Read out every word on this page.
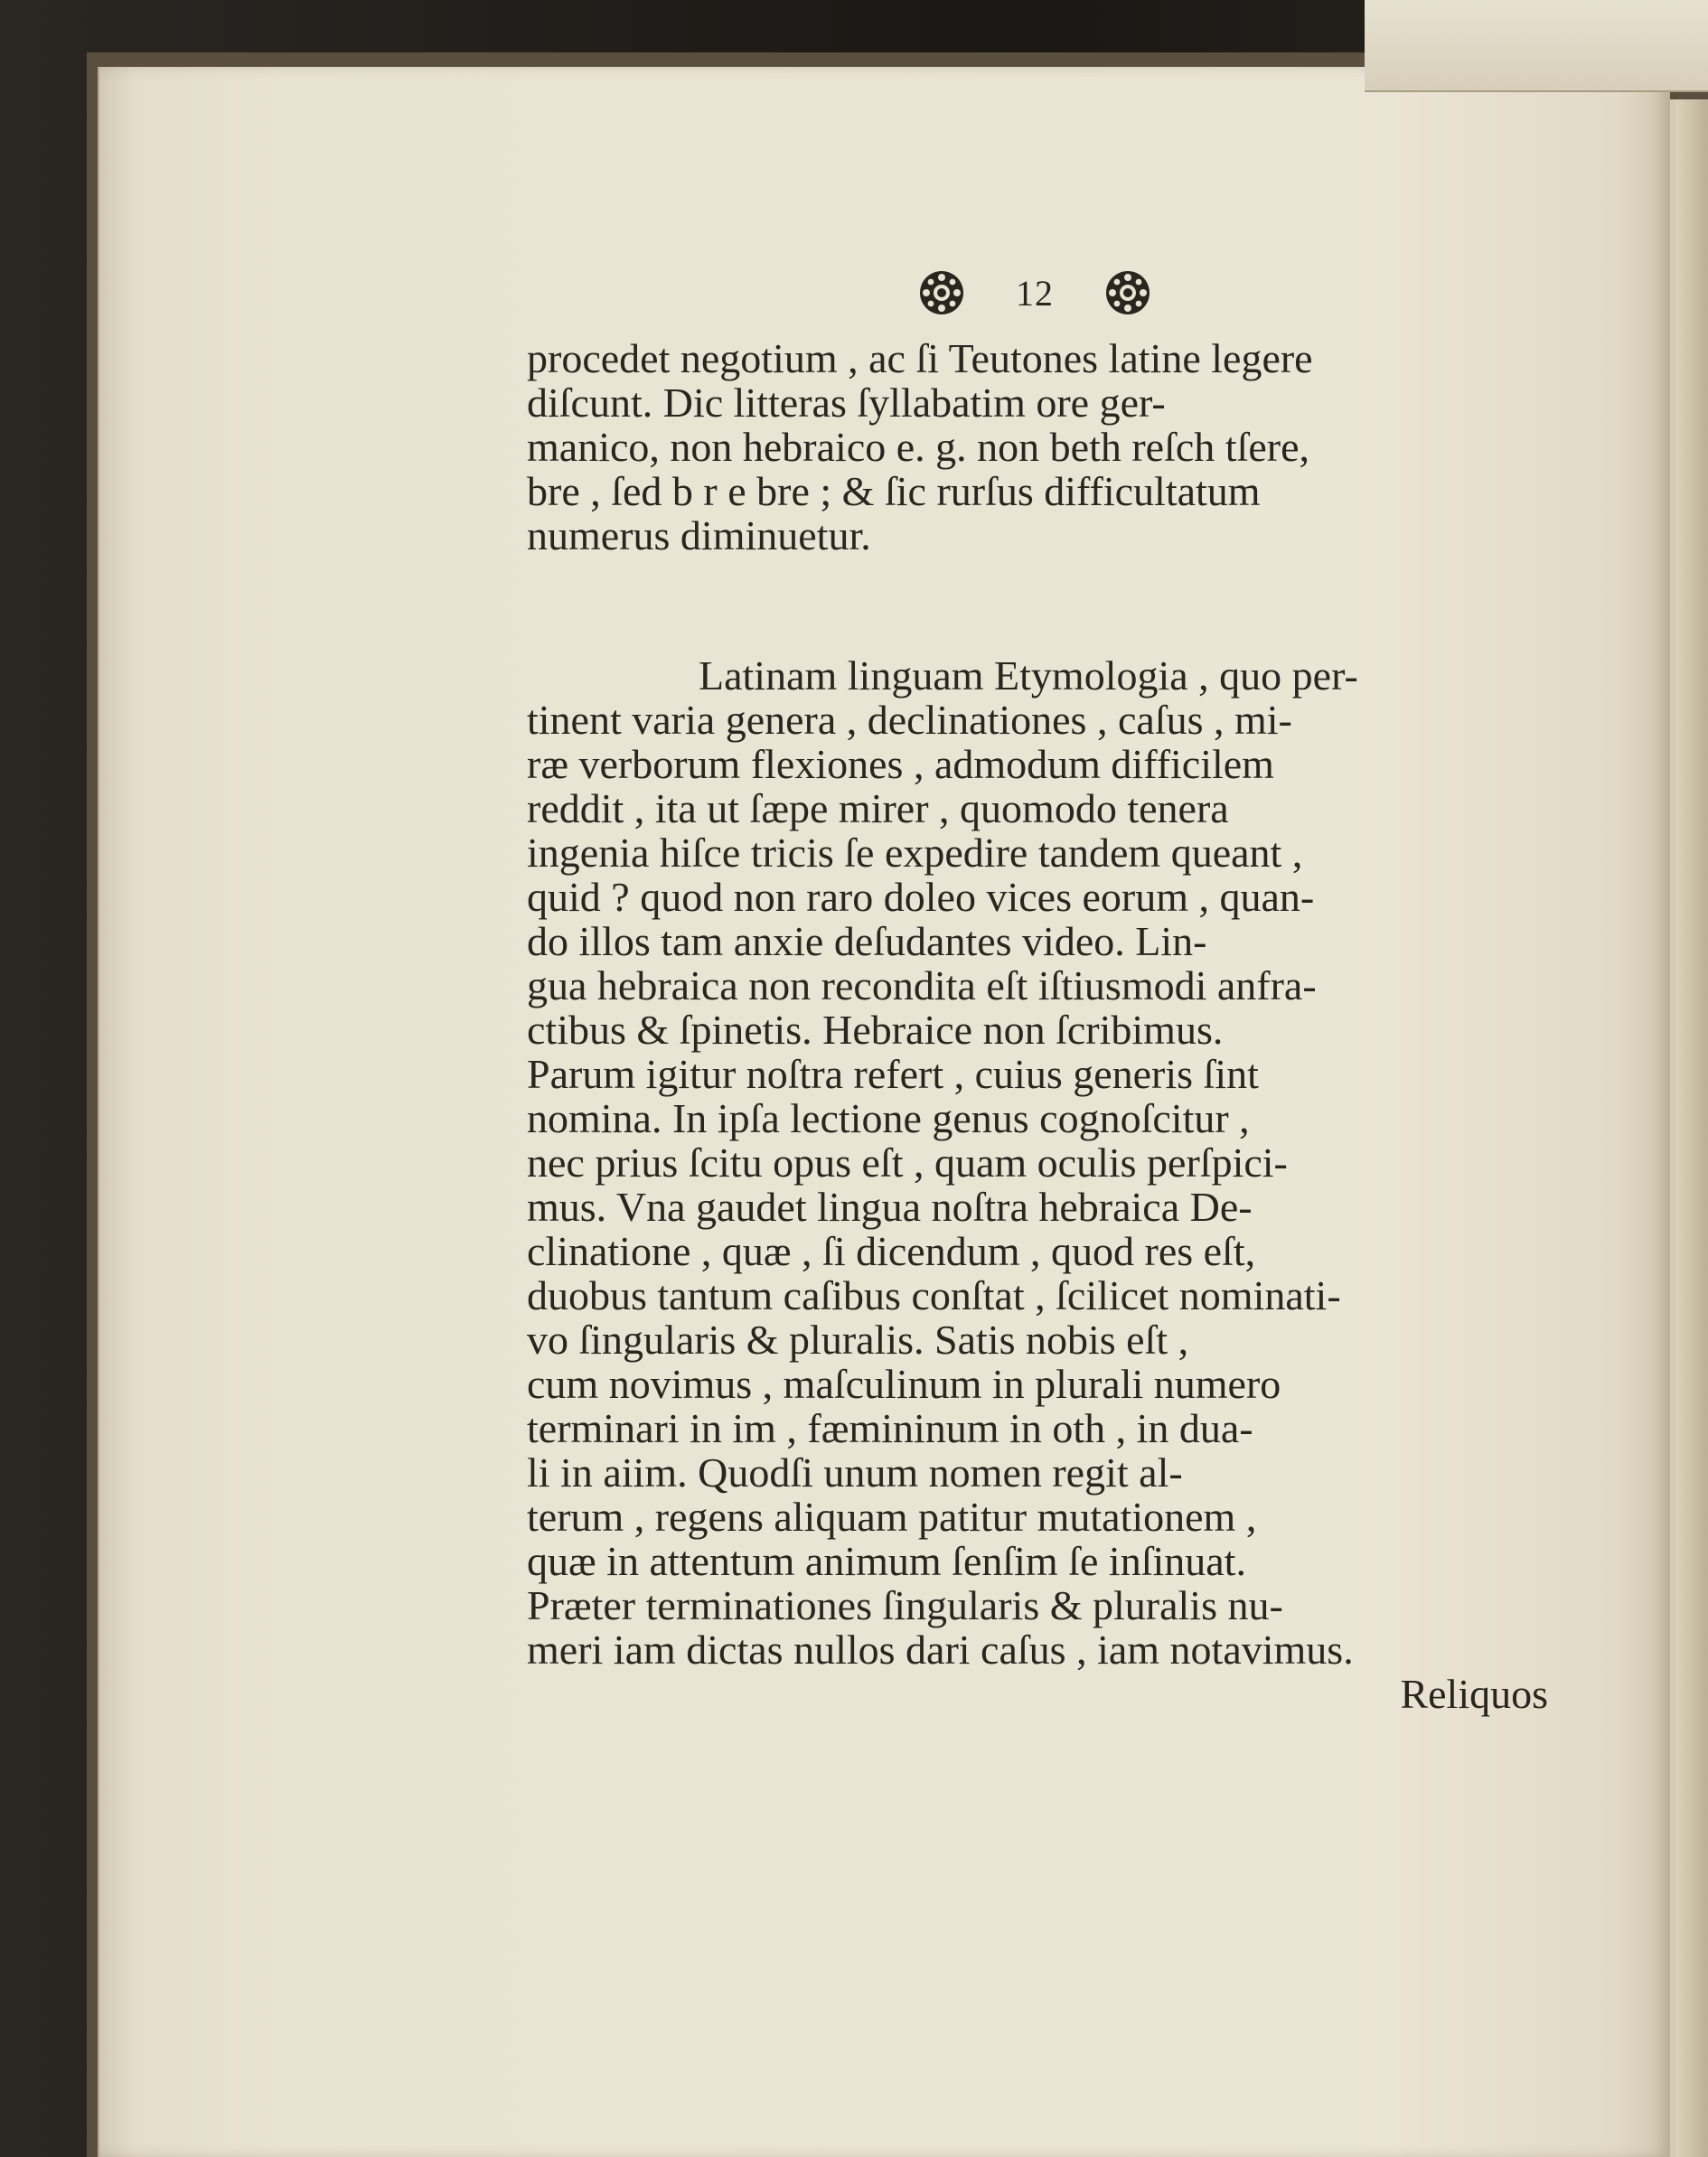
12
procedet negotium , ac ſi Teutones latine legere
diſcunt. Dic litteras ſyllabatim ore ger-
manico, non hebraico e. g. non beth reſch tſere,
bre , ſed b r e bre ; & ſic rurſus difficultatum
numerus diminuetur.
Latinam linguam Etymologia , quo per-
tinent varia genera , declinationes , caſus , mi-
ræ verborum flexiones , admodum difficilem
reddit , ita ut ſæpe mirer , quomodo tenera
ingenia hiſce tricis ſe expedire tandem queant ,
quid ? quod non raro doleo vices eorum , quan-
do illos tam anxie deſudantes video. Lin-
gua hebraica non recondita eſt iſtiusmodi anfra-
ctibus & ſpinetis. Hebraice non ſcribimus.
Parum igitur noſtra refert , cuius generis ſint
nomina. In ipſa lectione genus cognoſcitur ,
nec prius ſcitu opus eſt , quam oculis perſpici-
mus. Vna gaudet lingua noſtra hebraica De-
clinatione , quæ , ſi dicendum , quod res eſt,
duobus tantum caſibus conſtat , ſcilicet nominati-
vo ſingularis & pluralis. Satis nobis eſt ,
cum novimus , maſculinum in plurali numero
terminari in im , fæmininum in oth , in dua-
li in aiim. Quodſi unum nomen regit al-
terum , regens aliquam patitur mutationem ,
quæ in attentum animum ſenſim ſe inſinuat.
Præter terminationes ſingularis & pluralis nu-
meri iam dictas nullos dari caſus , iam notavimus.
Reliquos
